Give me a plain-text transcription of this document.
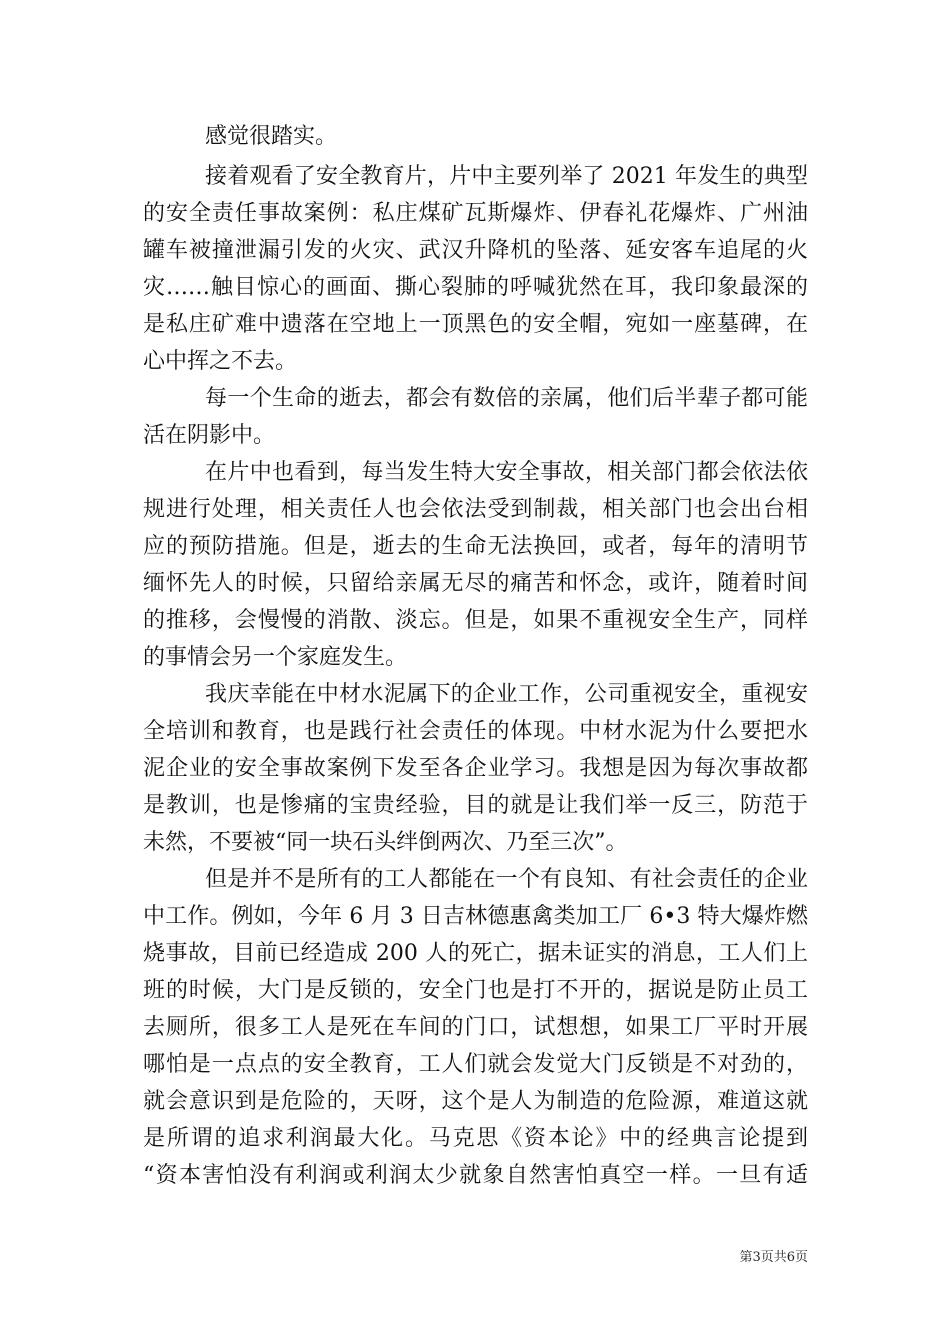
感觉很踏实。
接着观看了安全教育片，片中主要列举了 2021 年发生的典型
的安全责任事故案例：私庄煤矿瓦斯爆炸、伊春礼花爆炸、广州油
罐车被撞泄漏引发的火灾、武汉升降机的坠落、延安客车追尾的火
灾……触目惊心的画面、撕心裂肺的呼喊犹然在耳，我印象最深的
是私庄矿难中遗落在空地上一顶黑色的安全帽，宛如一座墓碑，在
心中挥之不去。
每一个生命的逝去，都会有数倍的亲属，他们后半辈子都可能
活在阴影中。
在片中也看到，每当发生特大安全事故，相关部门都会依法依
规进行处理，相关责任人也会依法受到制裁，相关部门也会出台相
应的预防措施。但是，逝去的生命无法换回，或者，每年的清明节
缅怀先人的时候，只留给亲属无尽的痛苦和怀念，或许，随着时间
的推移，会慢慢的消散、淡忘。但是，如果不重视安全生产，同样
的事情会另一个家庭发生。
我庆幸能在中材水泥属下的企业工作，公司重视安全，重视安
全培训和教育，也是践行社会责任的体现。中材水泥为什么要把水
泥企业的安全事故案例下发至各企业学习。我想是因为每次事故都
是教训，也是惨痛的宝贵经验，目的就是让我们举一反三，防范于
未然，不要被“同一块石头绊倒两次、乃至三次”。
但是并不是所有的工人都能在一个有良知、有社会责任的企业
中工作。例如，今年 6 月 3 日吉林德惠禽类加工厂 6•3 特大爆炸燃
烧事故，目前已经造成 200 人的死亡，据未证实的消息，工人们上
班的时候，大门是反锁的，安全门也是打不开的，据说是防止员工
去厕所，很多工人是死在车间的门口，试想想，如果工厂平时开展
哪怕是一点点的安全教育，工人们就会发觉大门反锁是不对劲的，
就会意识到是危险的，天呀，这个是人为制造的危险源，难道这就
是所谓的追求利润最大化。马克思《资本论》中的经典言论提到
“资本害怕没有利润或利润太少就象自然害怕真空一样。一旦有适
第3页共6页
